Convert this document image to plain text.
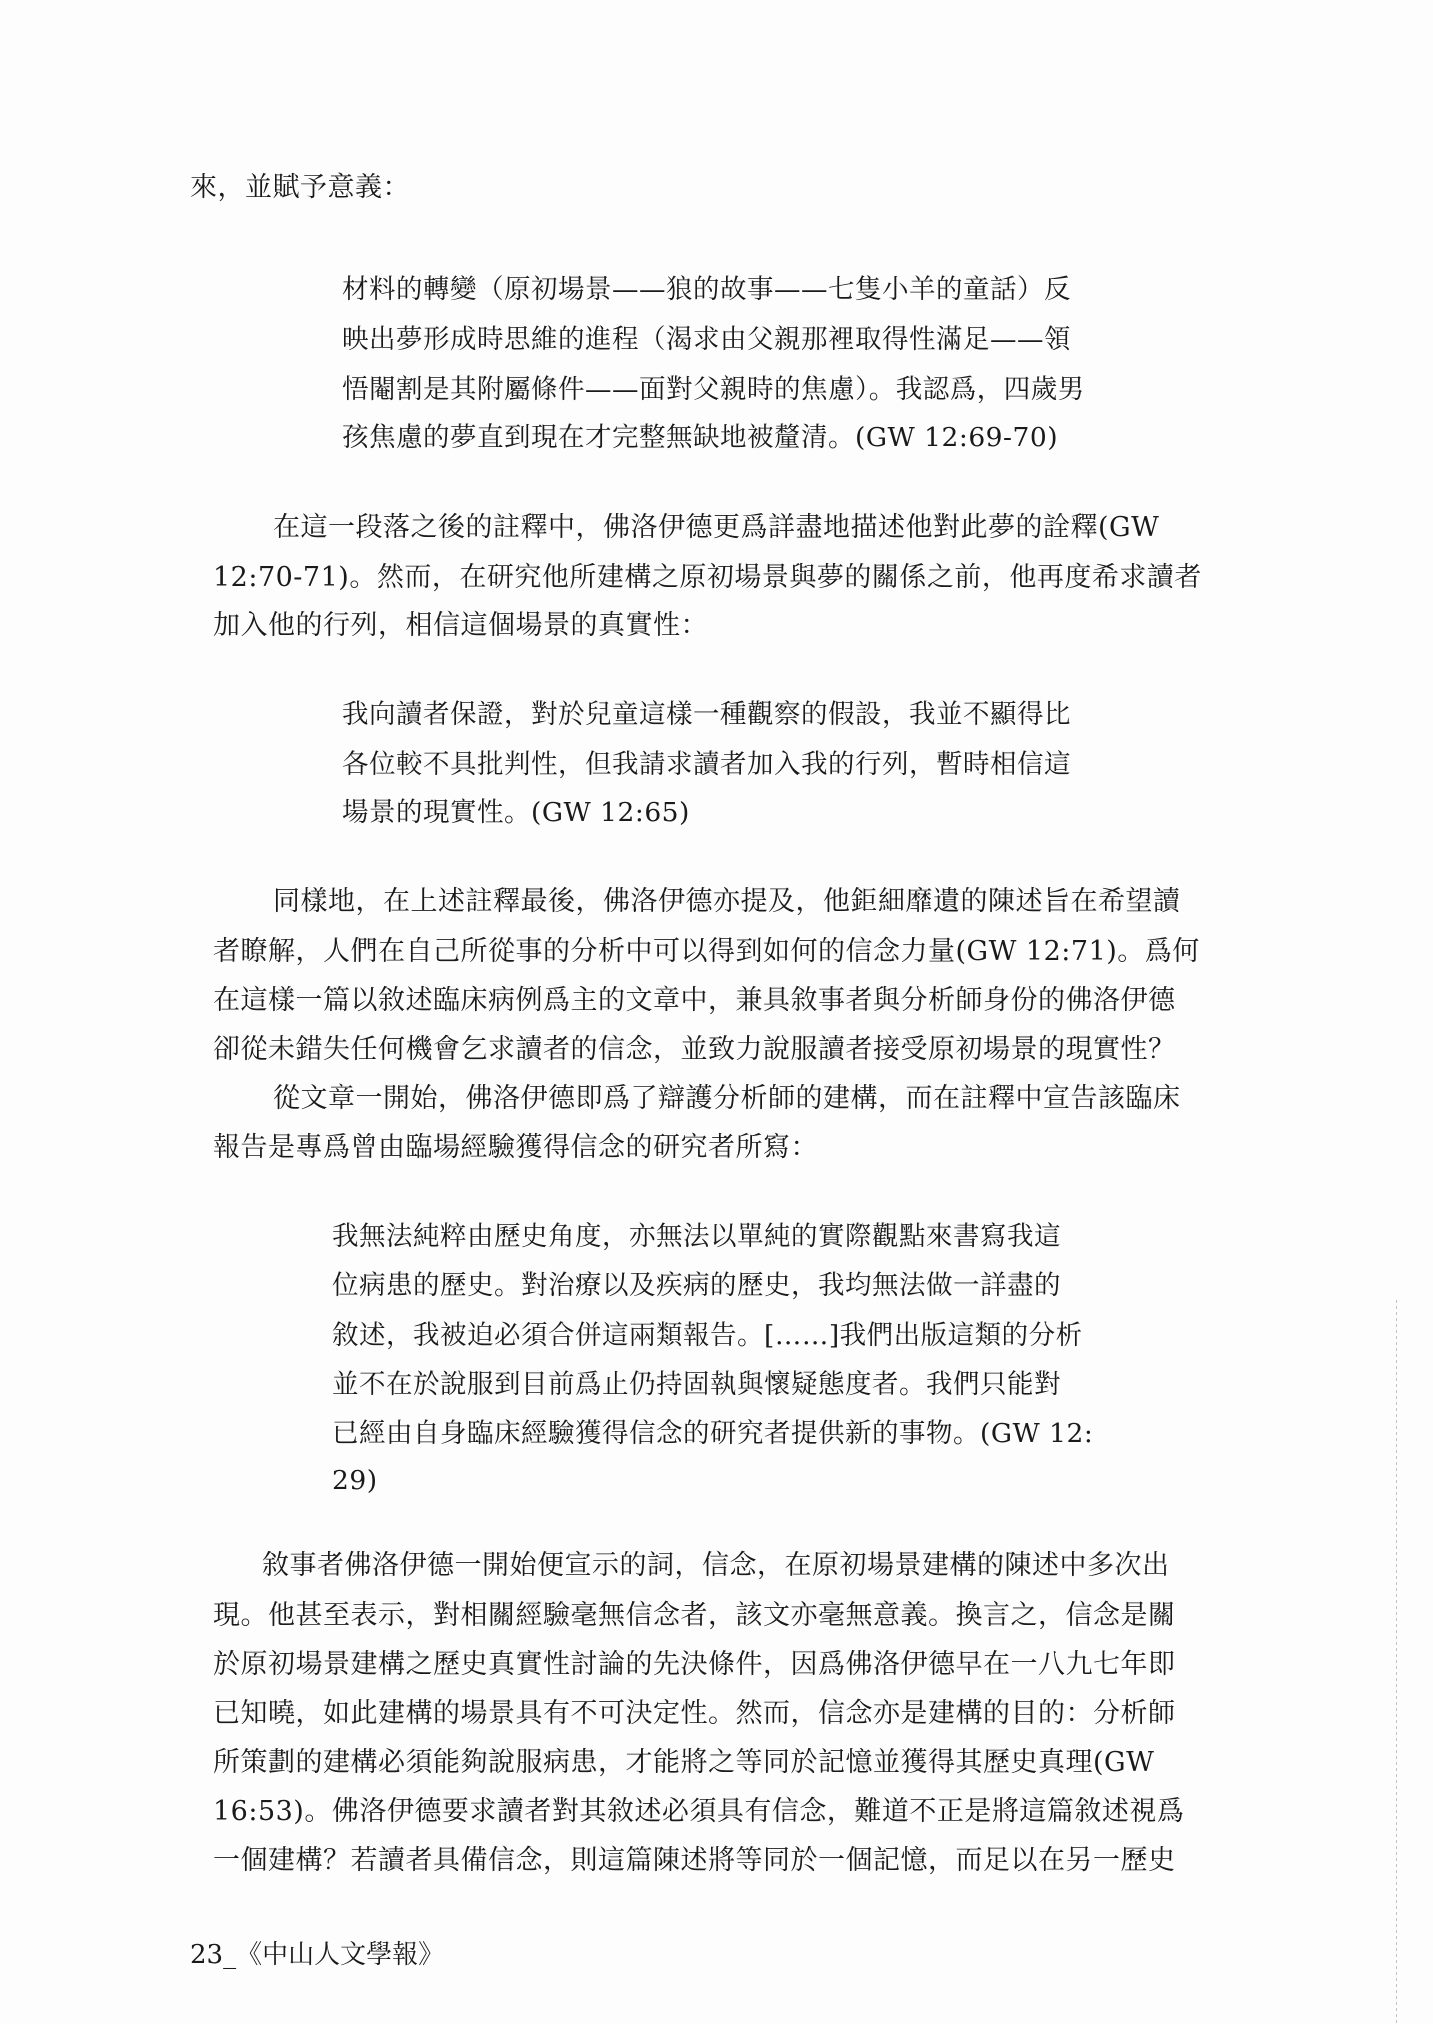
來，並賦予意義：
材料的轉變（原初場景——狼的故事——七隻小羊的童話）反
映出夢形成時思維的進程（渴求由父親那裡取得性滿足——領
悟閹割是其附屬條件——面對父親時的焦慮）。我認爲，四歲男
孩焦慮的夢直到現在才完整無缺地被釐清。(GW 12:69-70)
在這一段落之後的註釋中，佛洛伊德更爲詳盡地描述他對此夢的詮釋(GW
12:70-71)。然而，在研究他所建構之原初場景與夢的關係之前，他再度希求讀者
加入他的行列，相信這個場景的真實性：
我向讀者保證，對於兒童這樣一種觀察的假設，我並不顯得比
各位較不具批判性，但我請求讀者加入我的行列，暫時相信這
場景的現實性。(GW 12:65)
同樣地，在上述註釋最後，佛洛伊德亦提及，他鉅細靡遺的陳述旨在希望讀
者瞭解，人們在自己所從事的分析中可以得到如何的信念力量(GW 12:71)。爲何
在這樣一篇以敘述臨床病例爲主的文章中，兼具敘事者與分析師身份的佛洛伊德
卻從未錯失任何機會乞求讀者的信念，並致力說服讀者接受原初場景的現實性？
從文章一開始，佛洛伊德即爲了辯護分析師的建構，而在註釋中宣告該臨床
報告是專爲曾由臨場經驗獲得信念的研究者所寫：
我無法純粹由歷史角度，亦無法以單純的實際觀點來書寫我這
位病患的歷史。對治療以及疾病的歷史，我均無法做一詳盡的
敘述，我被迫必須合併這兩類報告。[……]我們出版這類的分析
並不在於說服到目前爲止仍持固執與懷疑態度者。我們只能對
已經由自身臨床經驗獲得信念的研究者提供新的事物。(GW 12:
29)
敘事者佛洛伊德一開始便宣示的詞，信念，在原初場景建構的陳述中多次出
現。他甚至表示，對相關經驗毫無信念者，該文亦毫無意義。換言之，信念是關
於原初場景建構之歷史真實性討論的先決條件，因爲佛洛伊德早在一八九七年即
已知曉，如此建構的場景具有不可決定性。然而，信念亦是建構的目的：分析師
所策劃的建構必須能夠說服病患，才能將之等同於記憶並獲得其歷史真理(GW
16:53)。佛洛伊德要求讀者對其敘述必須具有信念，難道不正是將這篇敘述視爲
一個建構？若讀者具備信念，則這篇陳述將等同於一個記憶，而足以在另一歷史
23_《中山人文學報》
